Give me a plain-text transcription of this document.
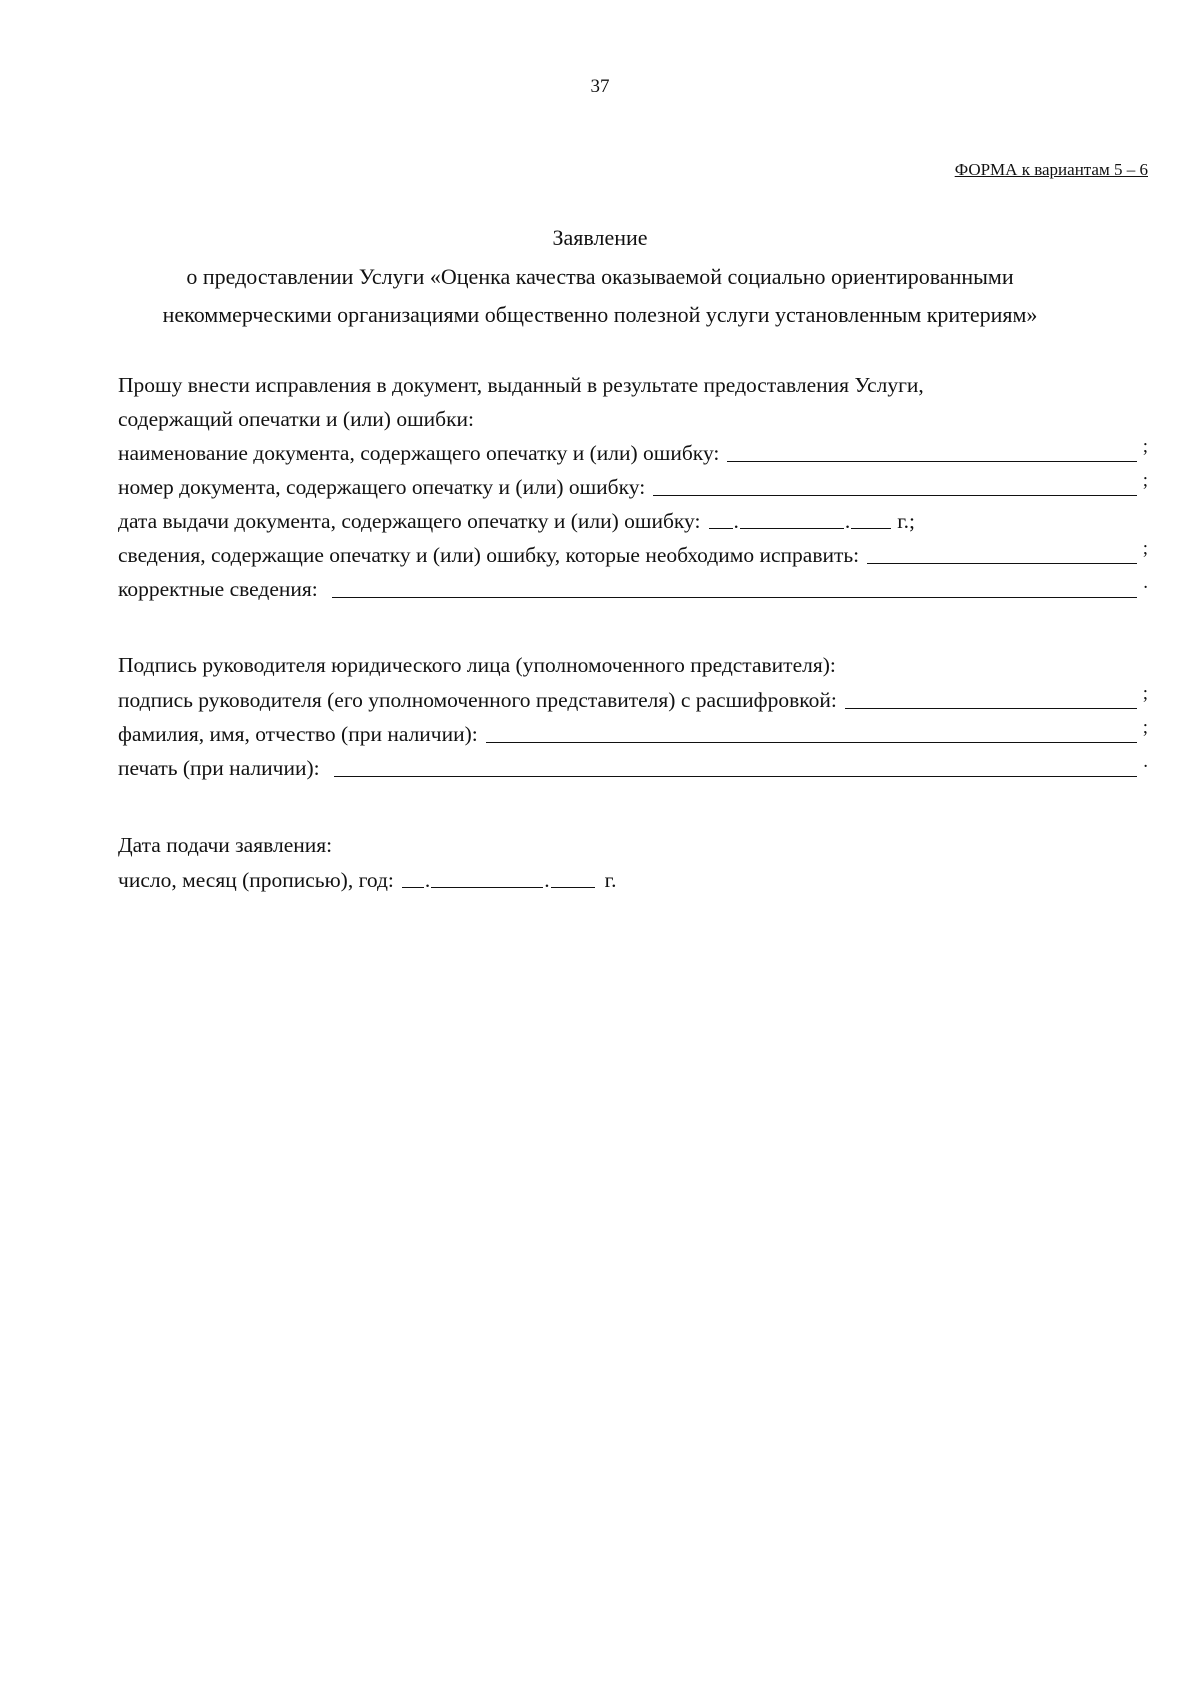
37
ФОРМА к вариантам 5 – 6
Заявление
о предоставлении Услуги «Оценка качества оказываемой социально ориентированными
некоммерческими организациями общественно полезной услуги установленным критериям»
Прошу внести исправления в документ, выданный в результате предоставления Услуги,
содержащий опечатки и (или) ошибки:
наименование документа, содержащего опечатку и (или) ошибку:	;
номер документа, содержащего опечатку и (или) ошибку:	;
дата выдачи документа, содержащего опечатку и (или) ошибку: .	. г.;
сведения, содержащие опечатку и (или) ошибку, которые необходимо исправить:	;
корректные сведения:	.
Подпись руководителя юридического лица (уполномоченного представителя):
подпись руководителя (его уполномоченного представителя) с расшифровкой:	;
фамилия, имя, отчество (при наличии):	;
печать (при наличии):	.
Дата подачи заявления:
число, месяц (прописью), год: .	.	г.
